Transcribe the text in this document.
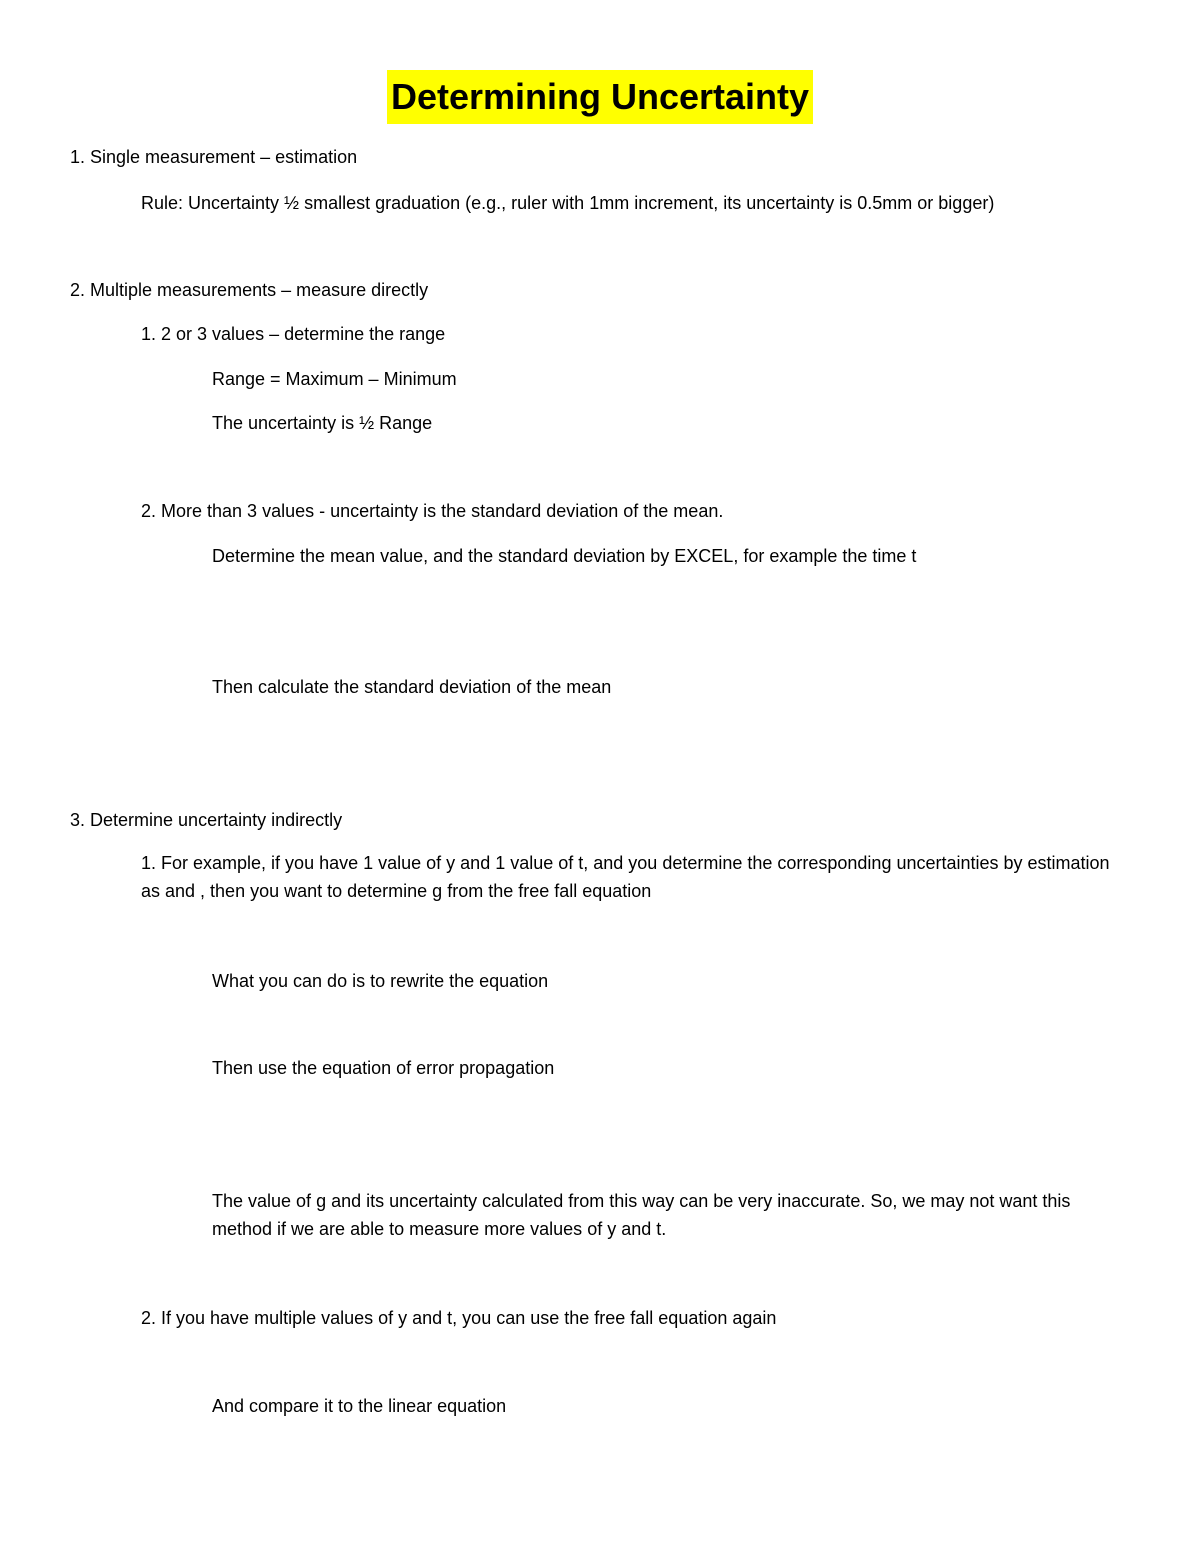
Determining Uncertainty
1. Single measurement – estimation
Rule: Uncertainty ½ smallest graduation (e.g., ruler with 1mm increment, its uncertainty is 0.5mm or bigger)
2. Multiple measurements – measure directly
1. 2 or 3 values – determine the range
Range = Maximum – Minimum
The uncertainty is ½ Range
2. More than 3 values - uncertainty is the standard deviation of the mean.
Determine the mean value, and the standard deviation by EXCEL, for example the time t
Then calculate the standard deviation of the mean
3. Determine uncertainty indirectly
1. For example, if you have 1 value of y and 1 value of t, and you determine the corresponding uncertainties by estimation as and , then you want to determine g from the free fall equation
What you can do is to rewrite the equation
Then use the equation of error propagation
The value of g and its uncertainty calculated from this way can be very inaccurate. So, we may not want this method if we are able to measure more values of y and t.
2. If you have multiple values of y and t, you can use the free fall equation again
And compare it to the linear equation
